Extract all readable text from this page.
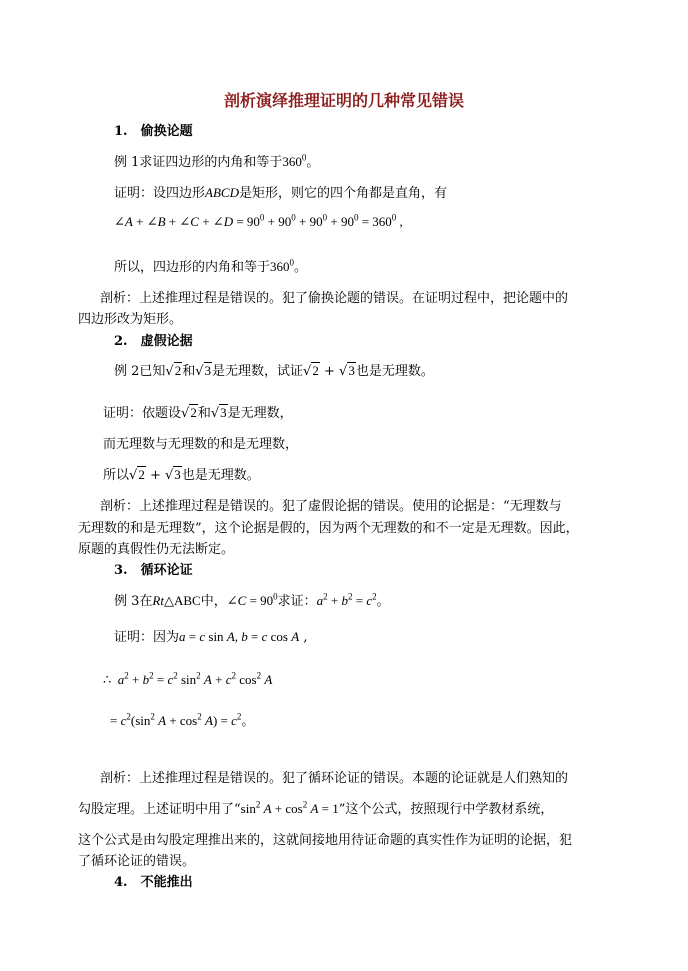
剖析演绎推理证明的几种常见错误
1.　偷换论题
例 1求证四边形的内角和等于$360^0$。
证明：设四边形ABCD是矩形，则它的四个角都是直角，有
∠A + ∠B + ∠C + ∠D = $90^0 + 90^0 + 90^0 + 90^0 = 360^0$ ,
所以，四边形的内角和等于$360^0$。
剖析：上述推理过程是错误的。犯了偷换论题的错误。在证明过程中，把论题中的
四边形改为矩形。
2.　虚假论据
例 2已知√2和√3是无理数，试证√2 + √3也是无理数。
证明：依题设√2和√3是无理数，
而无理数与无理数的和是无理数，
所以√2 + √3也是无理数。
剖析：上述推理过程是错误的。犯了虚假论据的错误。使用的论据是：“无理数与
无理数的和是无理数”，这个论据是假的，因为两个无理数的和不一定是无理数。因此，
原题的真假性仍无法断定。
3.　循环论证
例 3在Rt△ABC中，∠C = $90^0$求证：$a^2 + b^2 = c^2$。
证明：因为a = c sin A, b = c cos A ,
∴ $a^2 + b^2 = c^2$ $\sin^2 A + c^2$ $\cos^2 A$
= $c^2(\sin^2$ $A + \cos^2 A) = c^2$。
剖析：上述推理过程是错误的。犯了循环论证的错误。本题的论证就是人们熟知的
勾股定理。上述证明中用了“$\sin^2$ $A + \cos^2 A = 1$”这个公式，按照现行中学教材系统，
这个公式是由勾股定理推出来的，这就间接地用待证命题的真实性作为证明的论据，犯
了循环论证的错误。
4.　不能推出
